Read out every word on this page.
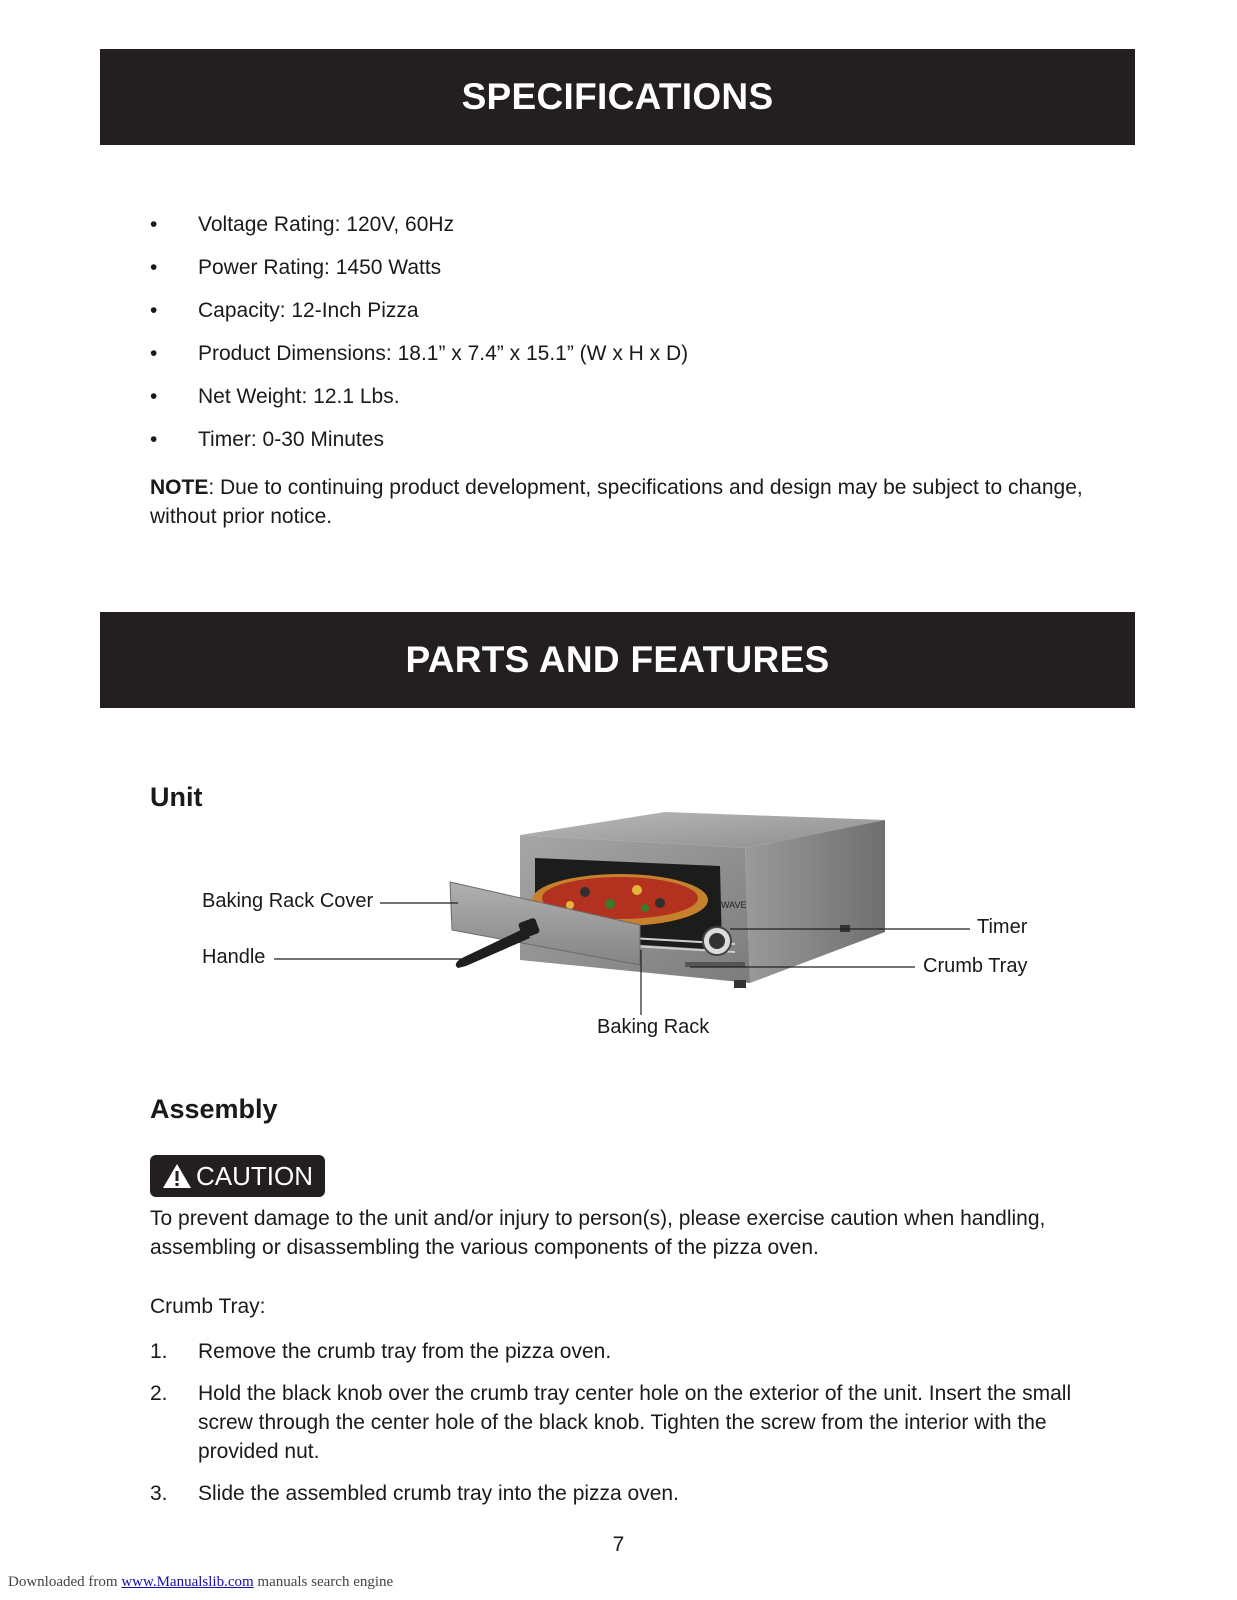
SPECIFICATIONS
• Voltage Rating: 120V, 60Hz
• Power Rating: 1450 Watts
• Capacity: 12-Inch Pizza
• Product Dimensions: 18.1” x 7.4” x 15.1” (W x H x D)
• Net Weight: 12.1 Lbs.
• Timer: 0-30 Minutes

NOTE: Due to continuing product development, specifications and design may be subject to change, without prior notice.

PARTS AND FEATURES
Unit
eWAVE
Baking Rack Cover
Handle
Timer
Crumb Tray
Baking Rack
Assembly
CAUTION

To prevent damage to the unit and/or injury to person(s), please exercise caution when handling, assembling or disassembling the various components of the pizza oven.

Crumb Tray:

1. Remove the crumb tray from the pizza oven.
2. Hold the black knob over the crumb tray center hole on the exterior of the unit. Insert the small screw through the center hole of the black knob. Tighten the screw from the interior with the provided nut.
3. Slide the assembled crumb tray into the pizza oven.
7
Downloaded from www.Manualslib.com manuals search engine
